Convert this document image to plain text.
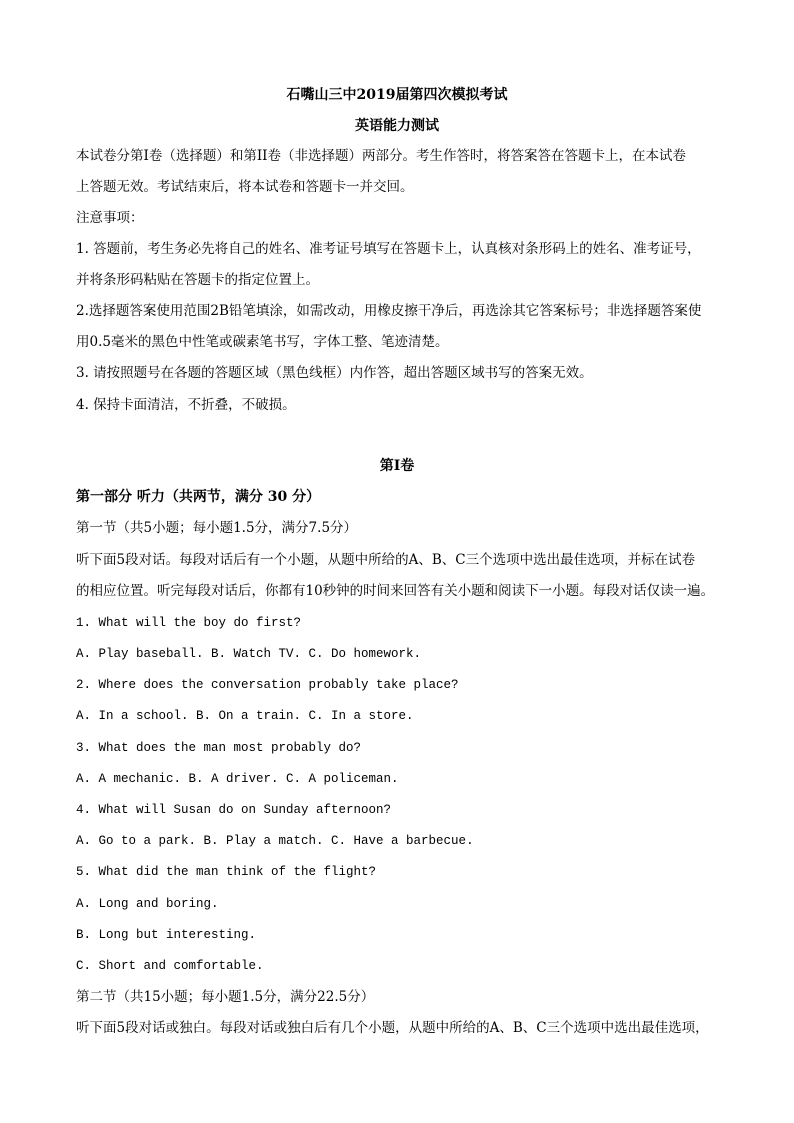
石嘴山三中2019届第四次模拟考试
英语能力测试
本试卷分第I卷（选择题）和第II卷（非选择题）两部分。考生作答时，将答案答在答题卡上，在本试卷
上答题无效。考试结束后，将本试卷和答题卡一并交回。
注意事项：
1. 答题前，考生务必先将自己的姓名、准考证号填写在答题卡上，认真核对条形码上的姓名、准考证号，
并将条形码粘贴在答题卡的指定位置上。
2.选择题答案使用范围2B铅笔填涂，如需改动，用橡皮擦干净后，再选涂其它答案标号；非选择题答案使
用0.5毫米的黑色中性笔或碳素笔书写，字体工整、笔迹清楚。
3. 请按照题号在各题的答题区域（黑色线框）内作答，超出答题区域书写的答案无效。
4. 保持卡面清洁，不折叠，不破损。
第I卷
第一部分 听力（共两节，满分 30 分）
第一节（共5小题；每小题1.5分，满分7.5分）
听下面5段对话。每段对话后有一个小题，从题中所给的A、B、C三个选项中选出最佳选项，并标在试卷
的相应位置。听完每段对话后，你都有10秒钟的时间来回答有关小题和阅读下一小题。每段对话仅读一遍。
1. What will the boy do first?
A. Play baseball. B. Watch TV. C. Do homework.
2. Where does the conversation probably take place?
A. In a school. B. On a train. C. In a store.
3. What does the man most probably do?
A. A mechanic. B. A driver. C. A policeman.
4. What will Susan do on Sunday afternoon?
A. Go to a park. B. Play a match. C. Have a barbecue.
5. What did the man think of the flight?
A. Long and boring.
B. Long but interesting.
C. Short and comfortable.
第二节（共15小题；每小题1.5分，满分22.5分）
听下面5段对话或独白。每段对话或独白后有几个小题，从题中所给的A、B、C三个选项中选出最佳选项，
